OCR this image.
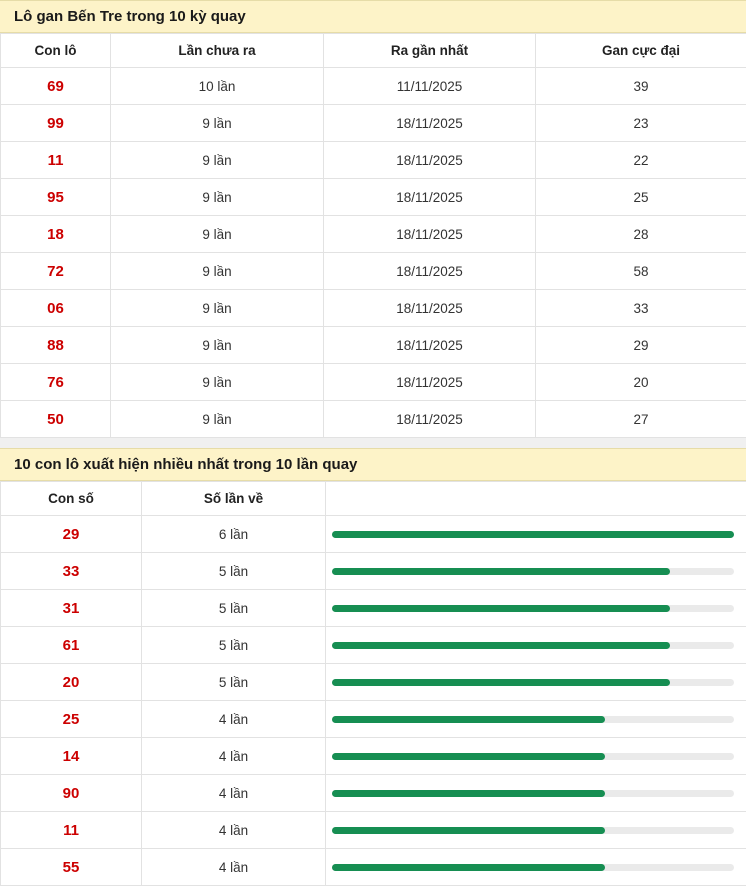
Lô gan Bến Tre trong 10 kỳ quay
Con lô	Lần chưa ra	Ra gần nhất	Gan cực đại
69	10 lần	11/11/2025	39
99	9 lần	18/11/2025	23
11	9 lần	18/11/2025	22
95	9 lần	18/11/2025	25
18	9 lần	18/11/2025	28
72	9 lần	18/11/2025	58
06	9 lần	18/11/2025	33
88	9 lần	18/11/2025	29
76	9 lần	18/11/2025	20
50	9 lần	18/11/2025	27
10 con lô xuất hiện nhiều nhất trong 10 lần quay
Con số	Số lần về	
29	6 lần	

33	5 lần	

31	5 lần	

61	5 lần	

20	5 lần	

25	4 lần	

14	4 lần	

90	4 lần	

11	4 lần	

55	4 lần	
